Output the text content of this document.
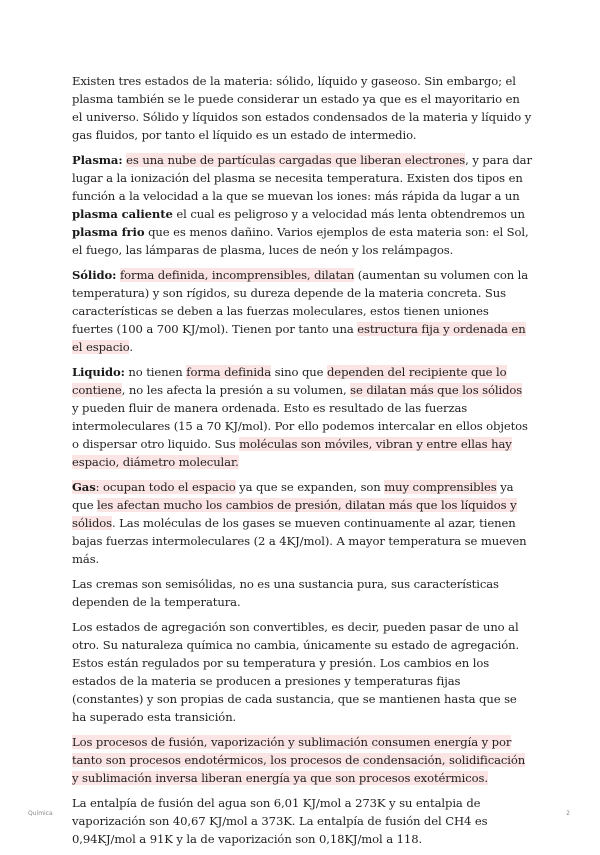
Existen tres estados de la materia: sólido, líquido y gaseoso. Sin embargo; el plasma también se le puede considerar un estado ya que es el mayoritario en el universo. Sólido y líquidos son estados condensados de la materia y líquido y gas fluidos, por tanto el líquido es un estado de intermedio.

Plasma: es una nube de partículas cargadas que liberan electrones, y para dar lugar a la ionización del plasma se necesita temperatura. Existen dos tipos en función a la velocidad a la que se muevan los iones: más rápida da lugar a un plasma caliente el cual es peligroso y a velocidad más lenta obtendremos un plasma frio que es menos dañino. Varios ejemplos de esta materia son: el Sol, el fuego, las lámparas de plasma, luces de neón y los relámpagos.

Sólido: forma definida, incomprensibles, dilatan (aumentan su volumen con la temperatura) y son rígidos, su dureza depende de la materia concreta. Sus características se deben a las fuerzas moleculares, estos tienen uniones fuertes (100 a 700 KJ/mol). Tienen por tanto una estructura fija y ordenada en el espacio.

Liquido: no tienen forma definida sino que dependen del recipiente que lo contiene, no les afecta la presión a su volumen, se dilatan más que los sólidos y pueden fluir de manera ordenada. Esto es resultado de las fuerzas intermoleculares (15 a 70 KJ/mol). Por ello podemos intercalar en ellos objetos o dispersar otro liquido. Sus moléculas son móviles, vibran y entre ellas hay espacio, diámetro molecular.

Gas: ocupan todo el espacio ya que se expanden, son muy comprensibles ya que les afectan mucho los cambios de presión, dilatan más que los líquidos y sólidos. Las moléculas de los gases se mueven continuamente al azar, tienen bajas fuerzas intermoleculares (2 a 4KJ/mol). A mayor temperatura se mueven más.

Las cremas son semisólidas, no es una sustancia pura, sus características dependen de la temperatura.

Los estados de agregación son convertibles, es decir, pueden pasar de uno al otro. Su naturaleza química no cambia, únicamente su estado de agregación. Estos están regulados por su temperatura y presión. Los cambios en los estados de la materia se producen a presiones y temperaturas fijas (constantes) y son propias de cada sustancia, que se mantienen hasta que se ha superado esta transición.

Los procesos de fusión, vaporización y sublimación consumen energía y por tanto son procesos endotérmicos, los procesos de condensación, solidificación y sublimación inversa liberan energía ya que son procesos exotérmicos.

La entalpía de fusión del agua son 6,01 KJ/mol a 273K y su entalpia de vaporización son 40,67 KJ/mol a 373K. La entalpía de fusión del CH4 es 0,94KJ/mol a 91K y la de vaporización son 0,18KJ/mol a 118.

Química	2
